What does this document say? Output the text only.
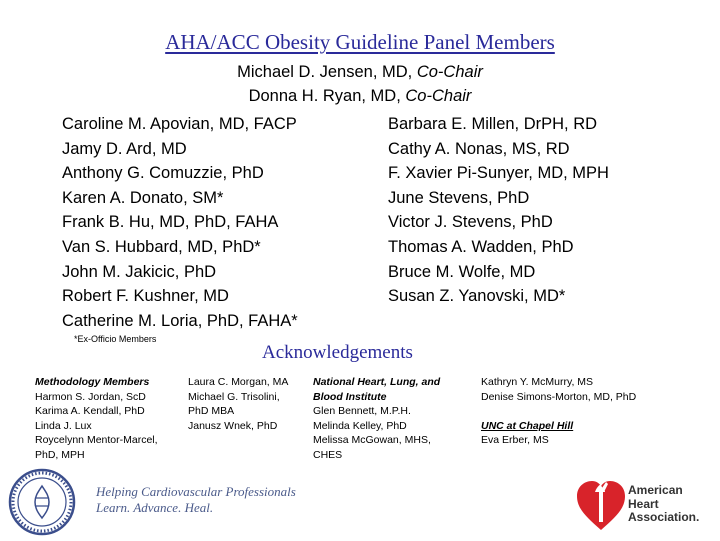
AHA/ACC Obesity Guideline Panel Members
Michael D. Jensen, MD, Co-Chair
Donna H. Ryan, MD, Co-Chair
Caroline M. Apovian, MD, FACP
Jamy D. Ard, MD
Anthony G. Comuzzie, PhD
Karen A. Donato, SM*
Frank B. Hu, MD, PhD, FAHA
Van S. Hubbard, MD, PhD*
John M. Jakicic, PhD
Robert F. Kushner, MD
Catherine M. Loria, PhD, FAHA*
Barbara E. Millen, DrPH, RD
Cathy A. Nonas, MS, RD
F. Xavier Pi-Sunyer, MD, MPH
June Stevens, PhD
Victor J. Stevens, PhD
Thomas A. Wadden, PhD
Bruce M. Wolfe, MD
Susan Z. Yanovski, MD*
*Ex-Officio Members
Acknowledgements
Methodology Members
Harmon S. Jordan, ScD
Karima A. Kendall, PhD
Linda J. Lux
Roycelynn Mentor-Marcel,
PhD, MPH
Laura C. Morgan, MA
Michael G. Trisolini,
PhD MBA
Janusz Wnek, PhD
National Heart, Lung, and
Blood Institute
Glen Bennett, M.P.H.
Melinda Kelley, PhD
Melissa McGowan, MHS,
CHES
Kathryn Y. McMurry, MS
Denise Simons-Morton, MD, PhD
UNC at Chapel Hill
Eva Erber, MS
Helping Cardiovascular Professionals
Learn. Advance. Heal.
American
Heart
Association.
